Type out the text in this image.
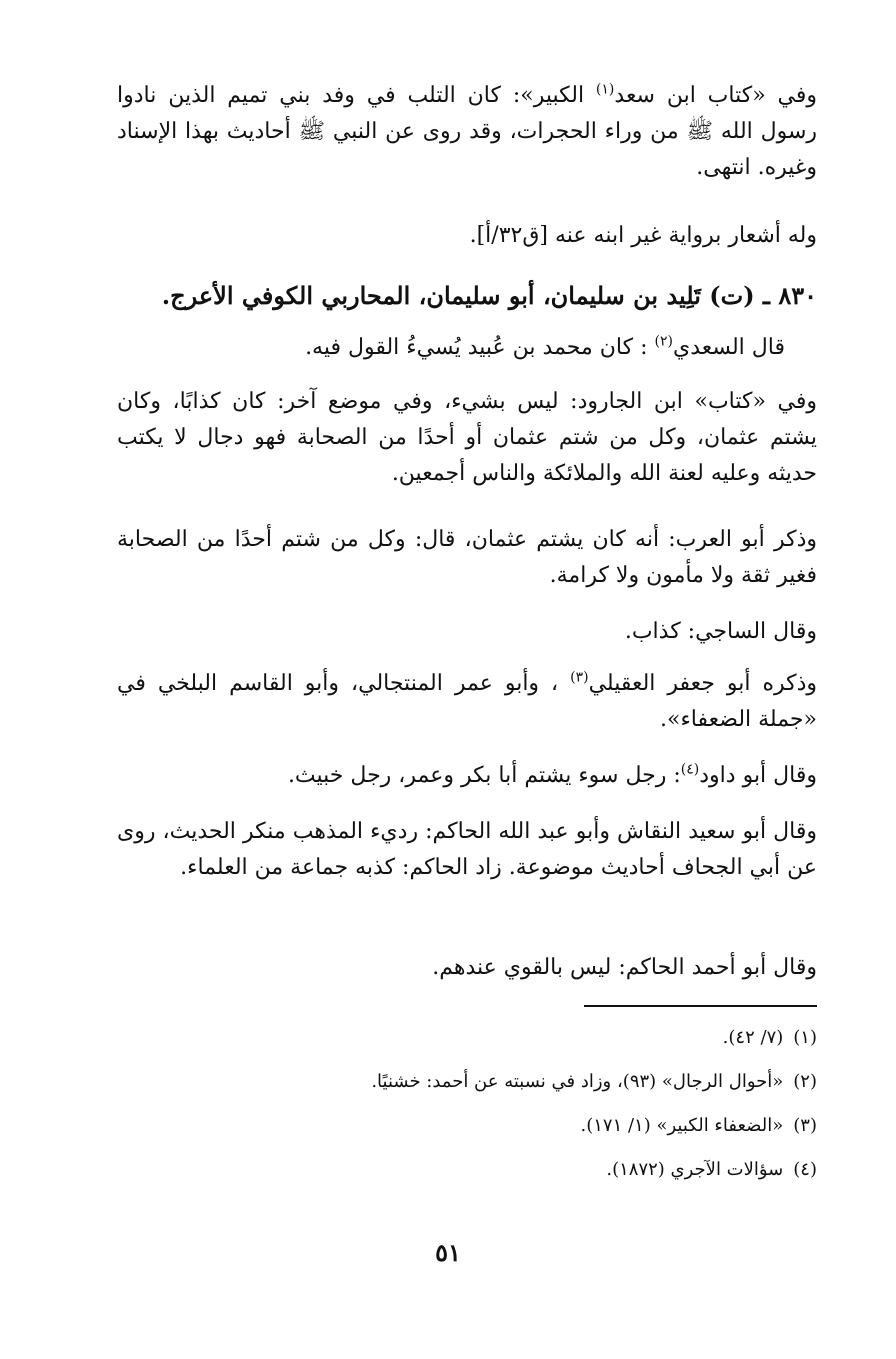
وفي «كتاب ابن سعد$^{(١)}$ الكبير»: كان التلب في وفد بني تميم الذين نادوا رسول الله ﷺ من وراء الحجرات، وقد روى عن النبي ﷺ أحاديث بهذا الإسناد وغيره. انتهى.
وله أشعار برواية غير ابنه عنه [ق٣٢/أ].
٨٣٠ ـ (ت) تَلِيد بن سليمان، أبو سليمان، المحاربي الكوفي الأعرج.
قال السعدي$^{(٢)}$ : كان محمد بن عُبيد يُسيءُ القول فيه.
وفي «كتاب» ابن الجارود: ليس بشيء، وفي موضع آخر: كان كذابًا، وكان يشتم عثمان، وكل من شتم عثمان أو أحدًا من الصحابة فهو دجال لا يكتب حديثه وعليه لعنة الله والملائكة والناس أجمعين.
وذكر أبو العرب: أنه كان يشتم عثمان، قال: وكل من شتم أحدًا من الصحابة فغير ثقة ولا مأمون ولا كرامة.
وقال الساجي: كذاب.
وذكره أبو جعفر العقيلي$^{(٣)}$ ، وأبو عمر المنتجالي، وأبو القاسم البلخي في «جملة الضعفاء».
وقال أبو داود$^{(٤)}$: رجل سوء يشتم أبا بكر وعمر، رجل خبيث.
وقال أبو سعيد النقاش وأبو عبد الله الحاكم: رديء المذهب منكر الحديث، روى عن أبي الجحاف أحاديث موضوعة. زاد الحاكم: كذبه جماعة من العلماء.
وقال أبو أحمد الحاكم: ليس بالقوي عندهم.
(١)(٧/ ٤٢).
(٢)«أحوال الرجال» (٩٣)، وزاد في نسبته عن أحمد: خشنيًا.
(٣)«الضعفاء الكبير» (١/ ١٧١).
(٤)سؤالات الآجري (١٨٧٢).
٥١
